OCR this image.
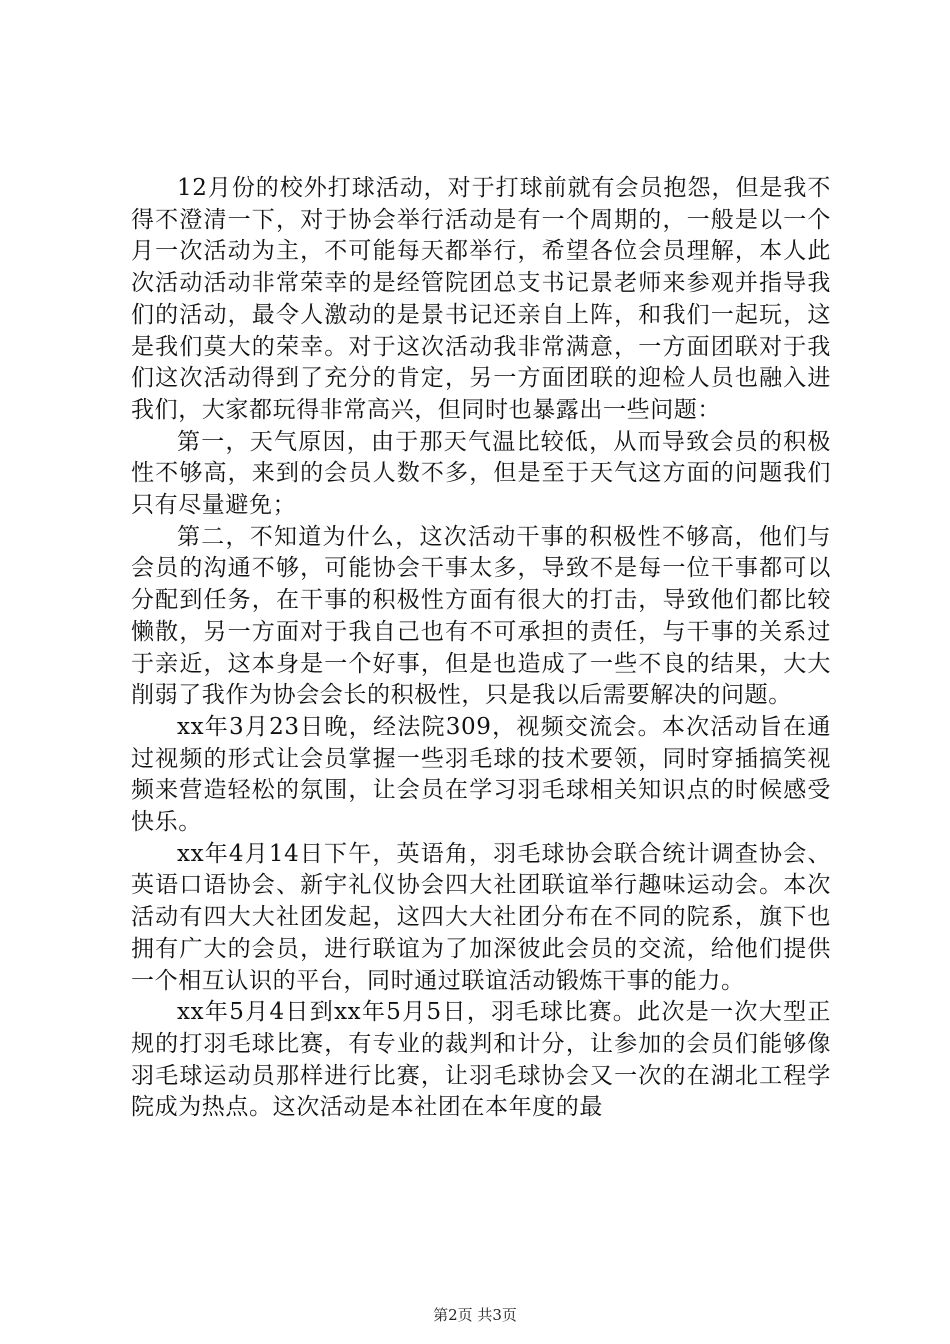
12月份的校外打球活动，对于打球前就有会员抱怨，但是我不得不澄清一下，对于协会举行活动是有一个周期的，一般是以一个月一次活动为主，不可能每天都举行，希望各位会员理解，本人此次活动活动非常荣幸的是经管院团总支书记景老师来参观并指导我们的活动，最令人激动的是景书记还亲自上阵，和我们一起玩，这是我们莫大的荣幸。对于这次活动我非常满意，一方面团联对于我们这次活动得到了充分的肯定，另一方面团联的迎检人员也融入进我们，大家都玩得非常高兴，但同时也暴露出一些问题：

第一，天气原因，由于那天气温比较低，从而导致会员的积极性不够高，来到的会员人数不多，但是至于天气这方面的问题我们只有尽量避免；

第二，不知道为什么，这次活动干事的积极性不够高，他们与会员的沟通不够，可能协会干事太多，导致不是每一位干事都可以分配到任务，在干事的积极性方面有很大的打击，导致他们都比较懒散，另一方面对于我自己也有不可承担的责任，与干事的关系过于亲近，这本身是一个好事，但是也造成了一些不良的结果，大大削弱了我作为协会会长的积极性，只是我以后需要解决的问题。

xx年3月23日晚，经法院309，视频交流会。本次活动旨在通过视频的形式让会员掌握一些羽毛球的技术要领，同时穿插搞笑视频来营造轻松的氛围，让会员在学习羽毛球相关知识点的时候感受快乐。

xx年4月14日下午，英语角，羽毛球协会联合统计调查协会、英语口语协会、新宇礼仪协会四大社团联谊举行趣味运动会。本次活动有四大大社团发起，这四大大社团分布在不同的院系，旗下也拥有广大的会员，进行联谊为了加深彼此会员的交流，给他们提供一个相互认识的平台，同时通过联谊活动锻炼干事的能力。

xx年5月4日到xx年5月5日，羽毛球比赛。此次是一次大型正规的打羽毛球比赛，有专业的裁判和计分，让参加的会员们能够像羽毛球运动员那样进行比赛，让羽毛球协会又一次的在湖北工程学院成为热点。这次活动是本社团在本年度的最

第2页 共3页
